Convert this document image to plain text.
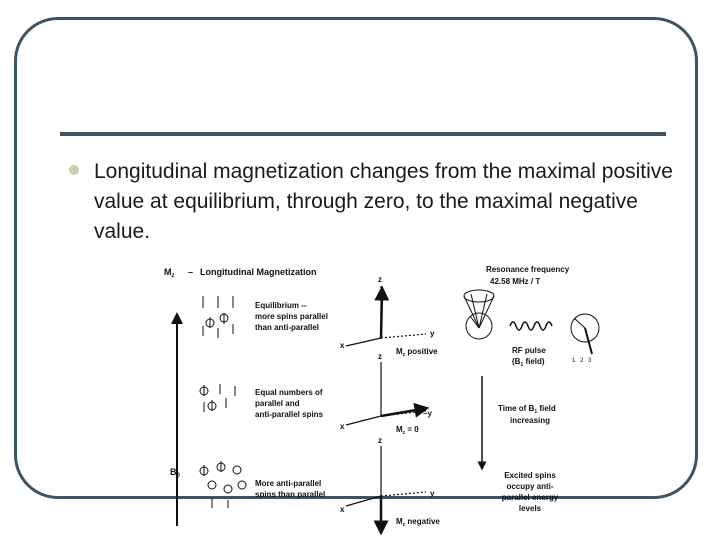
Longitudinal magnetization changes from the maximal positive value at equilibrium, through zero, to the maximal negative value.
$M_z$ – Longitudinal Magnetization
$B_0$
Equilibrium --more spins parallel than anti-parallel
Equal numbers of parallel and anti-parallel spins
More anti-parallel spins than parallel
z
y
x
$M_z$ positive
z
–y
x	$M_z = 0$
z
y
x
$M_z$ negative
Resonance frequency 42.58 MHz / T
1 2 3
RF pulse ($B_1$ field)
Time of $B_1$ field increasing
Excited spins occupy anti-parallel energy levels
